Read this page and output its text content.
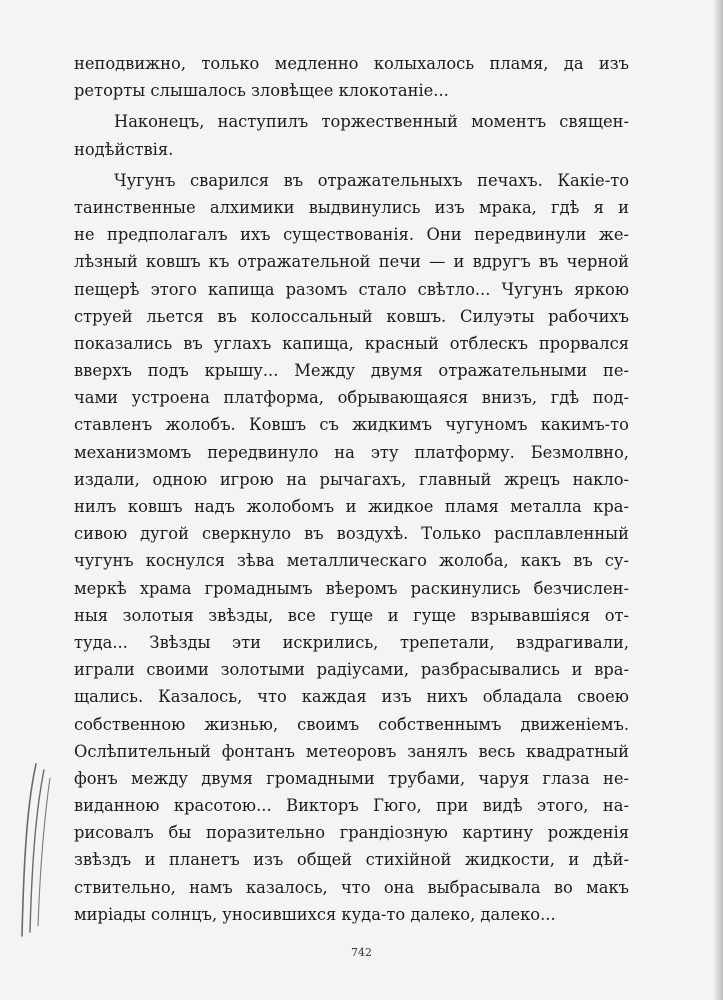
неподвижно, только медленно колыхалось пламя, да изъ
реторты слышалось зловѣщее клокотаніе...
Наконецъ, наступилъ торжественный моментъ священ-
нодѣйствія.
Чугунъ сварился въ отражательныхъ печахъ. Какіе-то
таинственные алхимики выдвинулись изъ мрака, гдѣ я и
не предполагалъ ихъ существованія. Они передвинули же-
лѣзный ковшъ къ отражательной печи — и вдругъ въ черной
пещерѣ этого капища разомъ стало свѣтло... Чугунъ яркою
струей льется въ колоссальный ковшъ. Силуэты рабочихъ
показались въ углахъ капища, красный отблескъ прорвался
вверхъ подъ крышу... Между двумя отражательными пе-
чами устроена платформа, обрывающаяся внизъ, гдѣ под-
ставленъ жолобъ. Ковшъ съ жидкимъ чугуномъ какимъ-то
механизмомъ передвинуло на эту платформу. Безмолвно,
издали, одною игрою на рычагахъ, главный жрецъ накло-
нилъ ковшъ надъ жолобомъ и жидкое пламя металла кра-
сивою дугой сверкнуло въ воздухѣ. Только расплавленный
чугунъ коснулся зѣва металлическаго жолоба, какъ въ су-
меркѣ храма громаднымъ вѣеромъ раскинулись безчислен-
ныя золотыя звѣзды, все гуще и гуще взрывавшіяся от-
туда... Звѣзды эти искрились, трепетали, вздрагивали,
играли своими золотыми радіусами, разбрасывались и вра-
щались. Казалось, что каждая изъ нихъ обладала своею
собственною жизнью, своимъ собственнымъ движеніемъ.
Ослѣпительный фонтанъ метеоровъ занялъ весь квадратный
фонъ между двумя громадными трубами, чаруя глаза не-
виданною красотою... Викторъ Гюго, при видѣ этого, на-
рисовалъ бы поразительно грандіозную картину рожденія
звѣздъ и планетъ изъ общей стихійной жидкости, и дѣй-
ствительно, намъ казалось, что она выбрасывала во макъ
миріады солнцъ, уносившихся куда-то далеко, далеко...
742
